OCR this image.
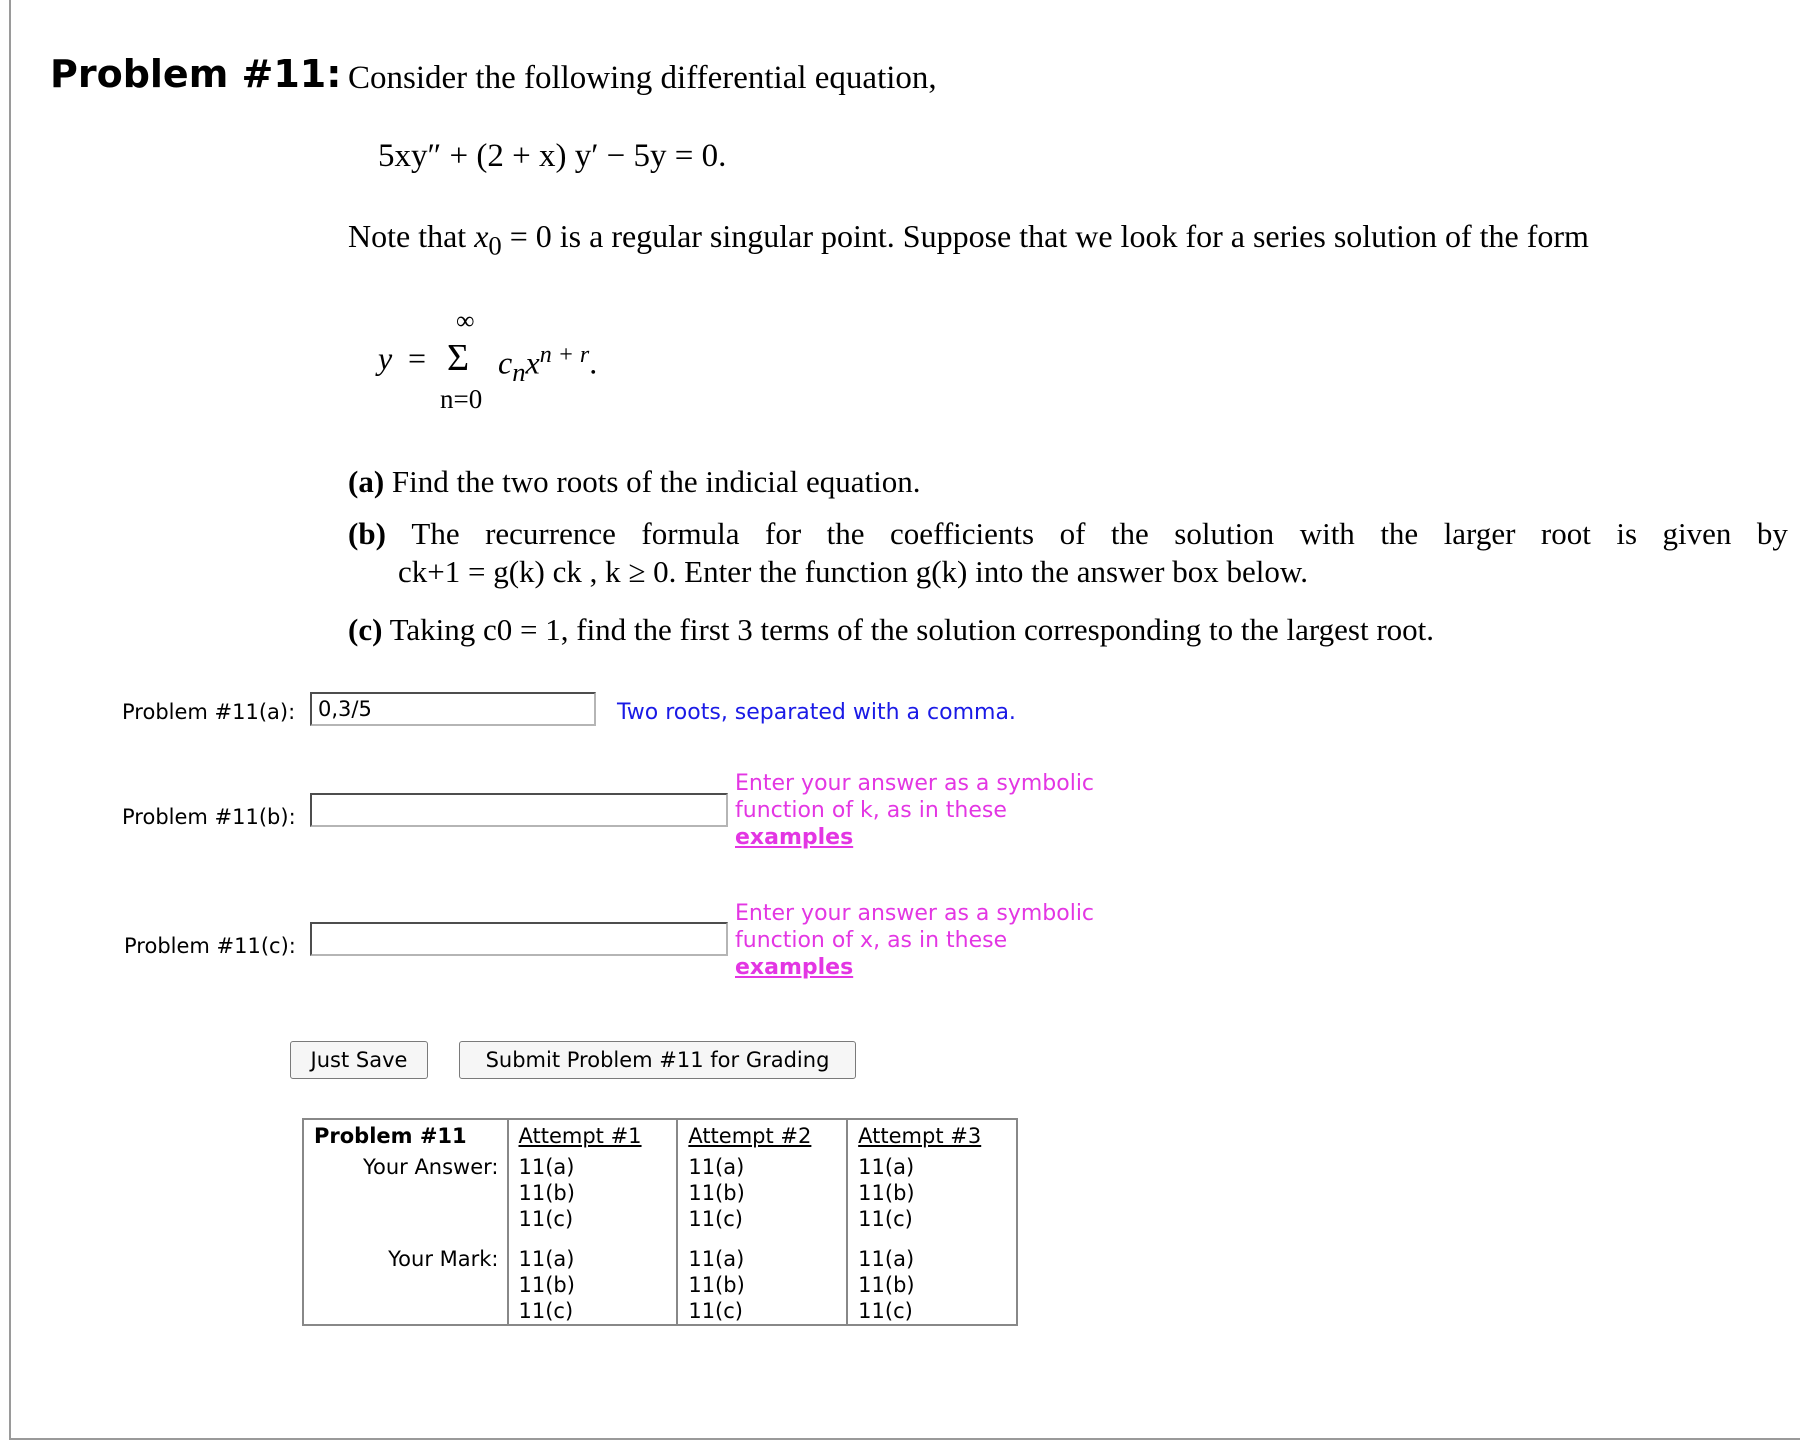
Problem #11: Consider the following differential equation,
5xy″ + (2 + x) y′ − 5y = 0.
Note that $x_0 = 0$ is a regular singular point. Suppose that we look for a series solution of the form
y =
∞
Σ
n=0
$c_nx^{n + r}$.
(a) Find the two roots of the indicial equation.
(b) The recurrence formula for the coefficients of the solution with the larger root is given by
ck+1 = g(k) ck , k ≥ 0. Enter the function g(k) into the answer box below.
(c) Taking c0 = 1, find the first 3 terms of the solution corresponding to the largest root.
Problem #11(a):
0,3/5	Two roots, separated with a comma.
Problem #11(b):
Enter your answer as a symbolic function of k, as in these examples
Problem #11(c):
Enter your answer as a symbolic function of x, as in these examples
Just Save	Submit Problem #11 for Grading
Problem #11	Attempt #1	Attempt #2	Attempt #3
Your Answer:	11(a)
11(b)
11(c)	11(a)
11(b)
11(c)	11(a)
11(b)
11(c)

Your Mark:	11(a)
11(b)
11(c)	11(a)
11(b)
11(c)	11(a)
11(b)
11(c)
